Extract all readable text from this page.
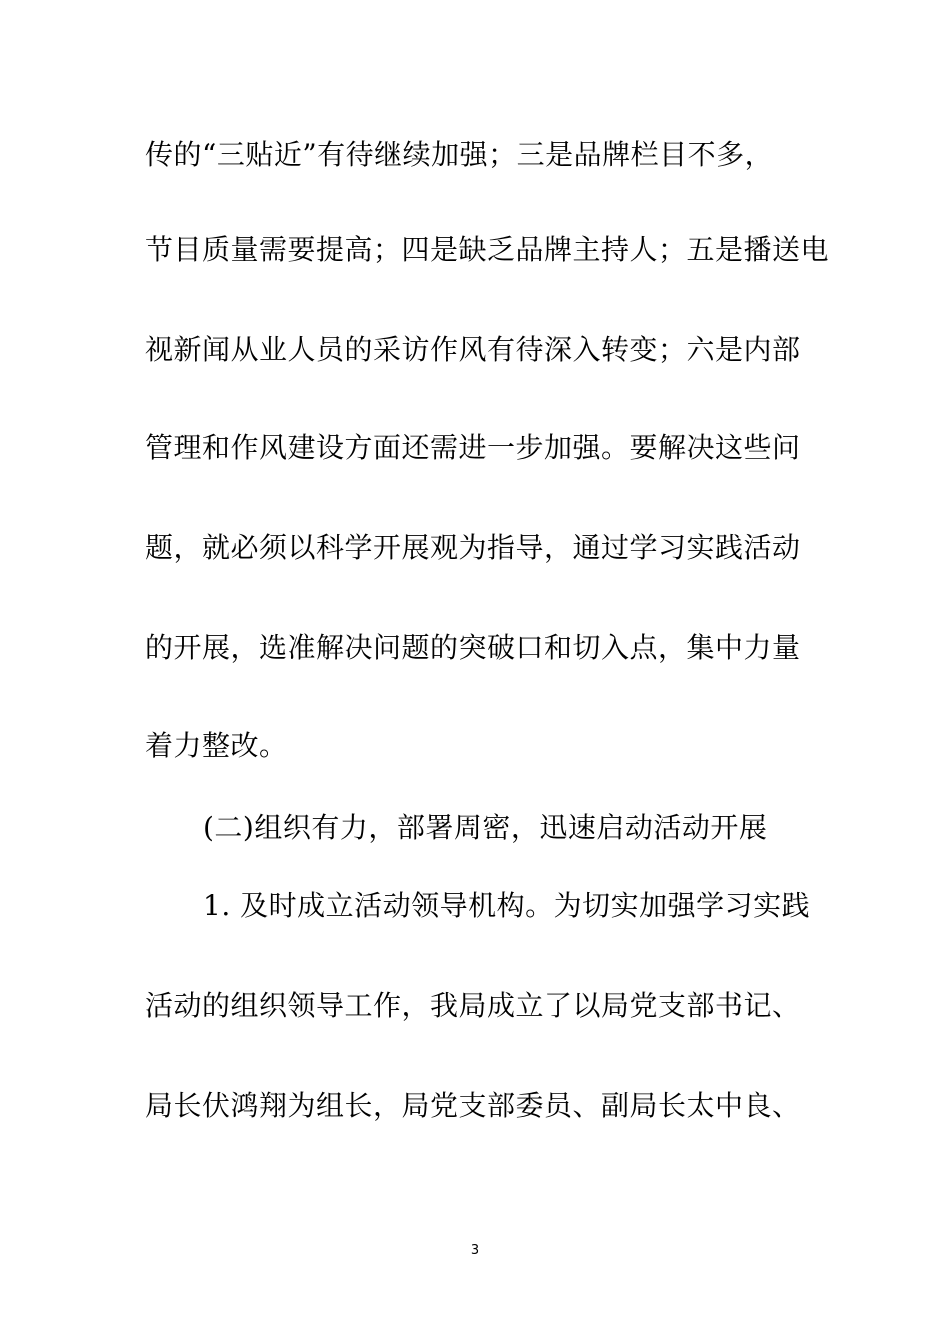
传的“三贴近”有待继续加强；三是品牌栏目不多，
节目质量需要提高；四是缺乏品牌主持人；五是播送电
视新闻从业人员的采访作风有待深入转变；六是内部
管理和作风建设方面还需进一步加强。要解决这些问
题，就必须以科学开展观为指导，通过学习实践活动
的开展，选准解决问题的突破口和切入点，集中力量
着力整改。
(二)组织有力，部署周密，迅速启动活动开展
1. 及时成立活动领导机构。为切实加强学习实践
活动的组织领导工作，我局成立了以局党支部书记、
局长伏鸿翔为组长，局党支部委员、副局长太中良、
3
